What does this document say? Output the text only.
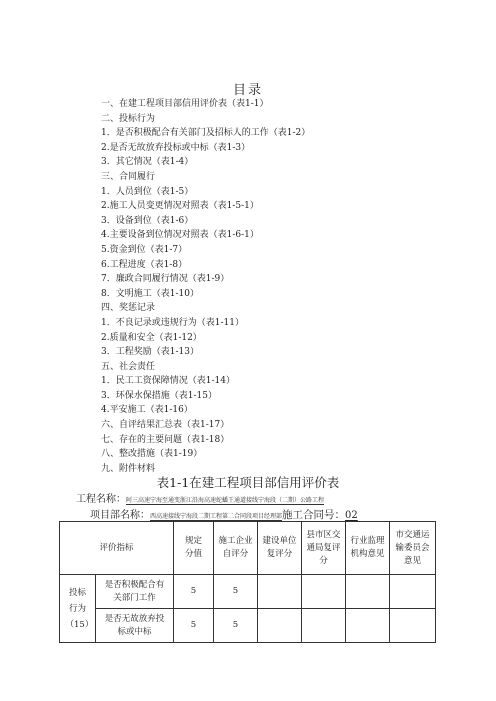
目录
一、在建工程项目部信用评价表（表1-1）
二、投标行为
1．是否积极配合有关部门及招标人的工作（表1-2）
2.是否无故放弃投标或中标（表1-3）
3．其它情况（表1-4）
三、合同履行
1．人员到位（表1-5）
2.施工人员变更情况对照表（表1-5-1）
3．设备到位（表1-6）
4.主要设备到位情况对照表（表1-6-1）
5.资金到位（表1-7）
6.工程进度（表1-8）
7．廉政合同履行情况（表1-9）
8．文明施工（表1-10）
四、奖惩记录
1．不良记录或违规行为（表1-11）
2.质量和安全（表1-12）
3．工程奖励（表1-13）
五、社会责任
1．民工工资保障情况（表1-14）
3．环保水保措施（表1-15）
4.平安施工（表1-16）
六、自评结果汇总表（表1-17）
七、存在的主要问题（表1-18）
八、整改措施（表1-19）
九、附件材料
表1-1在建工程项目部信用评价表
工程名称：阿三高速宁海至通变浙江沿海高速蛇蟠王通道接线宁海段（二期）公路工程
项目部名称：西高速接线宁海段二期工程第二合同段项目经理部施工合同号：02
评价指标		规定分值	施工企业自评分	建设单位复评分	县市区交通局复评分	行业监理机构意见	市交通运输委员会意见
投标行为（15）	是否积极配合有关部门工作	5	5				
	是否无故放弃投标或中标	5	5				
